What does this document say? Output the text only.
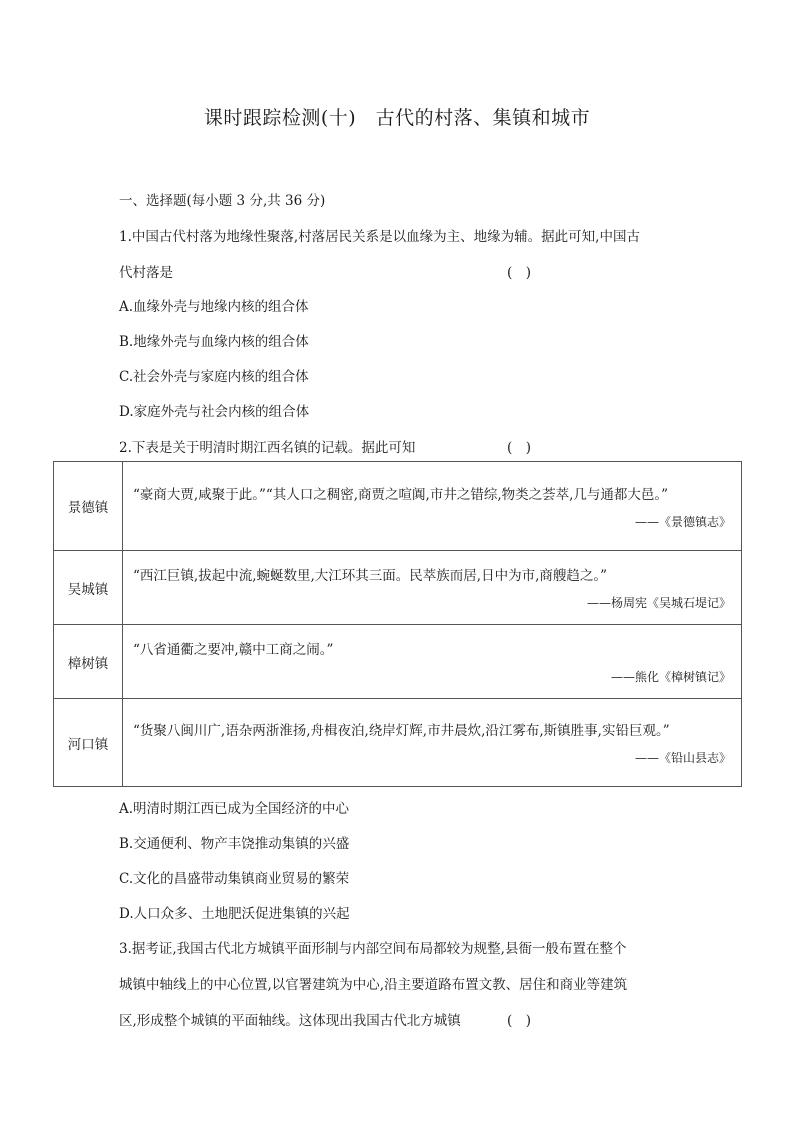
课时跟踪检测(十)　古代的村落、集镇和城市
一、选择题(每小题 3 分,共 36 分)
1.中国古代村落为地缘性聚落,村落居民关系是以血缘为主、地缘为辅。据此可知,中国古
代村落是	(　)
A.血缘外壳与地缘内核的组合体
B.地缘外壳与血缘内核的组合体
C.社会外壳与家庭内核的组合体
D.家庭外壳与社会内核的组合体
2.下表是关于明清时期江西名镇的记载。据此可知	(　)
景德镇	“豪商大贾,咸聚于此。”“其人口之稠密,商贾之喧阗,市井之错综,物类之荟萃,几与通都大邑。”
——《景德镇志》

吴城镇	“西江巨镇,拔起中流,蜿蜒数里,大江环其三面。民萃族而居,日中为市,商艘趋之。”
——杨周宪《吴城石堤记》

樟树镇	“八省通衢之要冲,赣中工商之闹。”
——熊化《樟树镇记》

河口镇	“货聚八闽川广,语杂两浙淮扬,舟楫夜泊,绕岸灯辉,市井晨炊,沿江雾布,斯镇胜事,实铅巨观。”
——《铅山县志》
A.明清时期江西已成为全国经济的中心
B.交通便利、物产丰饶推动集镇的兴盛
C.文化的昌盛带动集镇商业贸易的繁荣
D.人口众多、土地肥沃促进集镇的兴起
3.据考证,我国古代北方城镇平面形制与内部空间布局都较为规整,县衙一般布置在整个
城镇中轴线上的中心位置,以官署建筑为中心,沿主要道路布置文教、居住和商业等建筑
区,形成整个城镇的平面轴线。这体现出我国古代北方城镇	(　)
